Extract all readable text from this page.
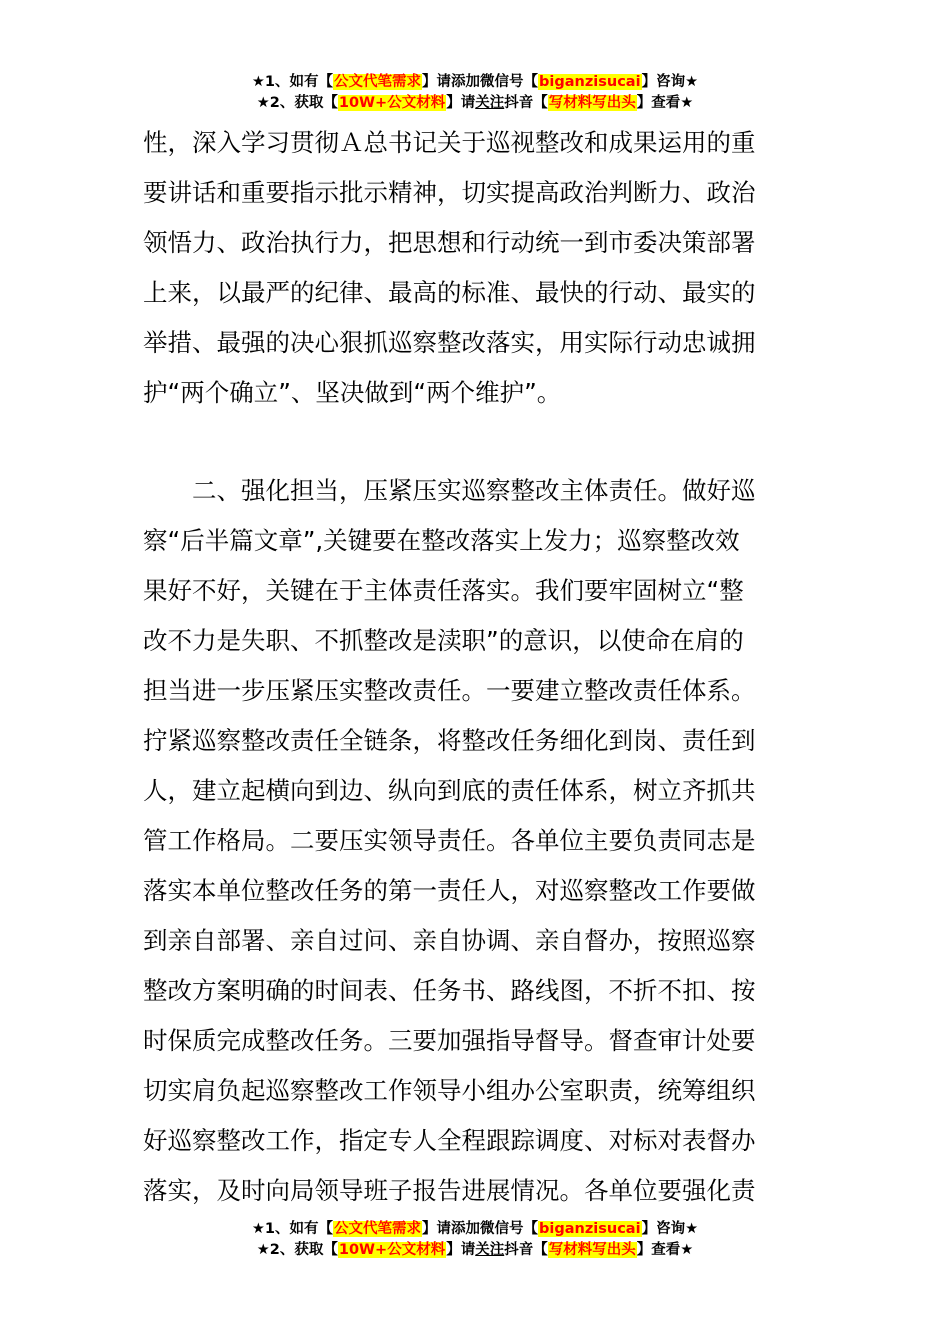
★1、如有【公文代笔需求】请添加微信号【biganzisucai】咨询★
★2、获取【10W+公文材料】请关注抖音【写材料写出头】查看★
性，深入学习贯彻Ａ总书记关于巡视整改和成果运用的重
要讲话和重要指示批示精神，切实提高政治判断力、政治
领悟力、政治执行力，把思想和行动统一到市委决策部署
上来，以最严的纪律、最高的标准、最快的行动、最实的
举措、最强的决心狠抓巡察整改落实，用实际行动忠诚拥
护“两个确立”、坚决做到“两个维护”。
二、强化担当，压紧压实巡察整改主体责任。做好巡
察“后半篇文章”,关键要在整改落实上发力；巡察整改效
果好不好，关键在于主体责任落实。我们要牢固树立“整
改不力是失职、不抓整改是渎职”的意识，以使命在肩的
担当进一步压紧压实整改责任。一要建立整改责任体系。
拧紧巡察整改责任全链条，将整改任务细化到岗、责任到
人，建立起横向到边、纵向到底的责任体系，树立齐抓共
管工作格局。二要压实领导责任。各单位主要负责同志是
落实本单位整改任务的第一责任人，对巡察整改工作要做
到亲自部署、亲自过问、亲自协调、亲自督办，按照巡察
整改方案明确的时间表、任务书、路线图，不折不扣、按
时保质完成整改任务。三要加强指导督导。督查审计处要
切实肩负起巡察整改工作领导小组办公室职责，统筹组织
好巡察整改工作，指定专人全程跟踪调度、对标对表督办
落实，及时向局领导班子报告进展情况。各单位要强化责
★1、如有【公文代笔需求】请添加微信号【biganzisucai】咨询★
★2、获取【10W+公文材料】请关注抖音【写材料写出头】查看★
